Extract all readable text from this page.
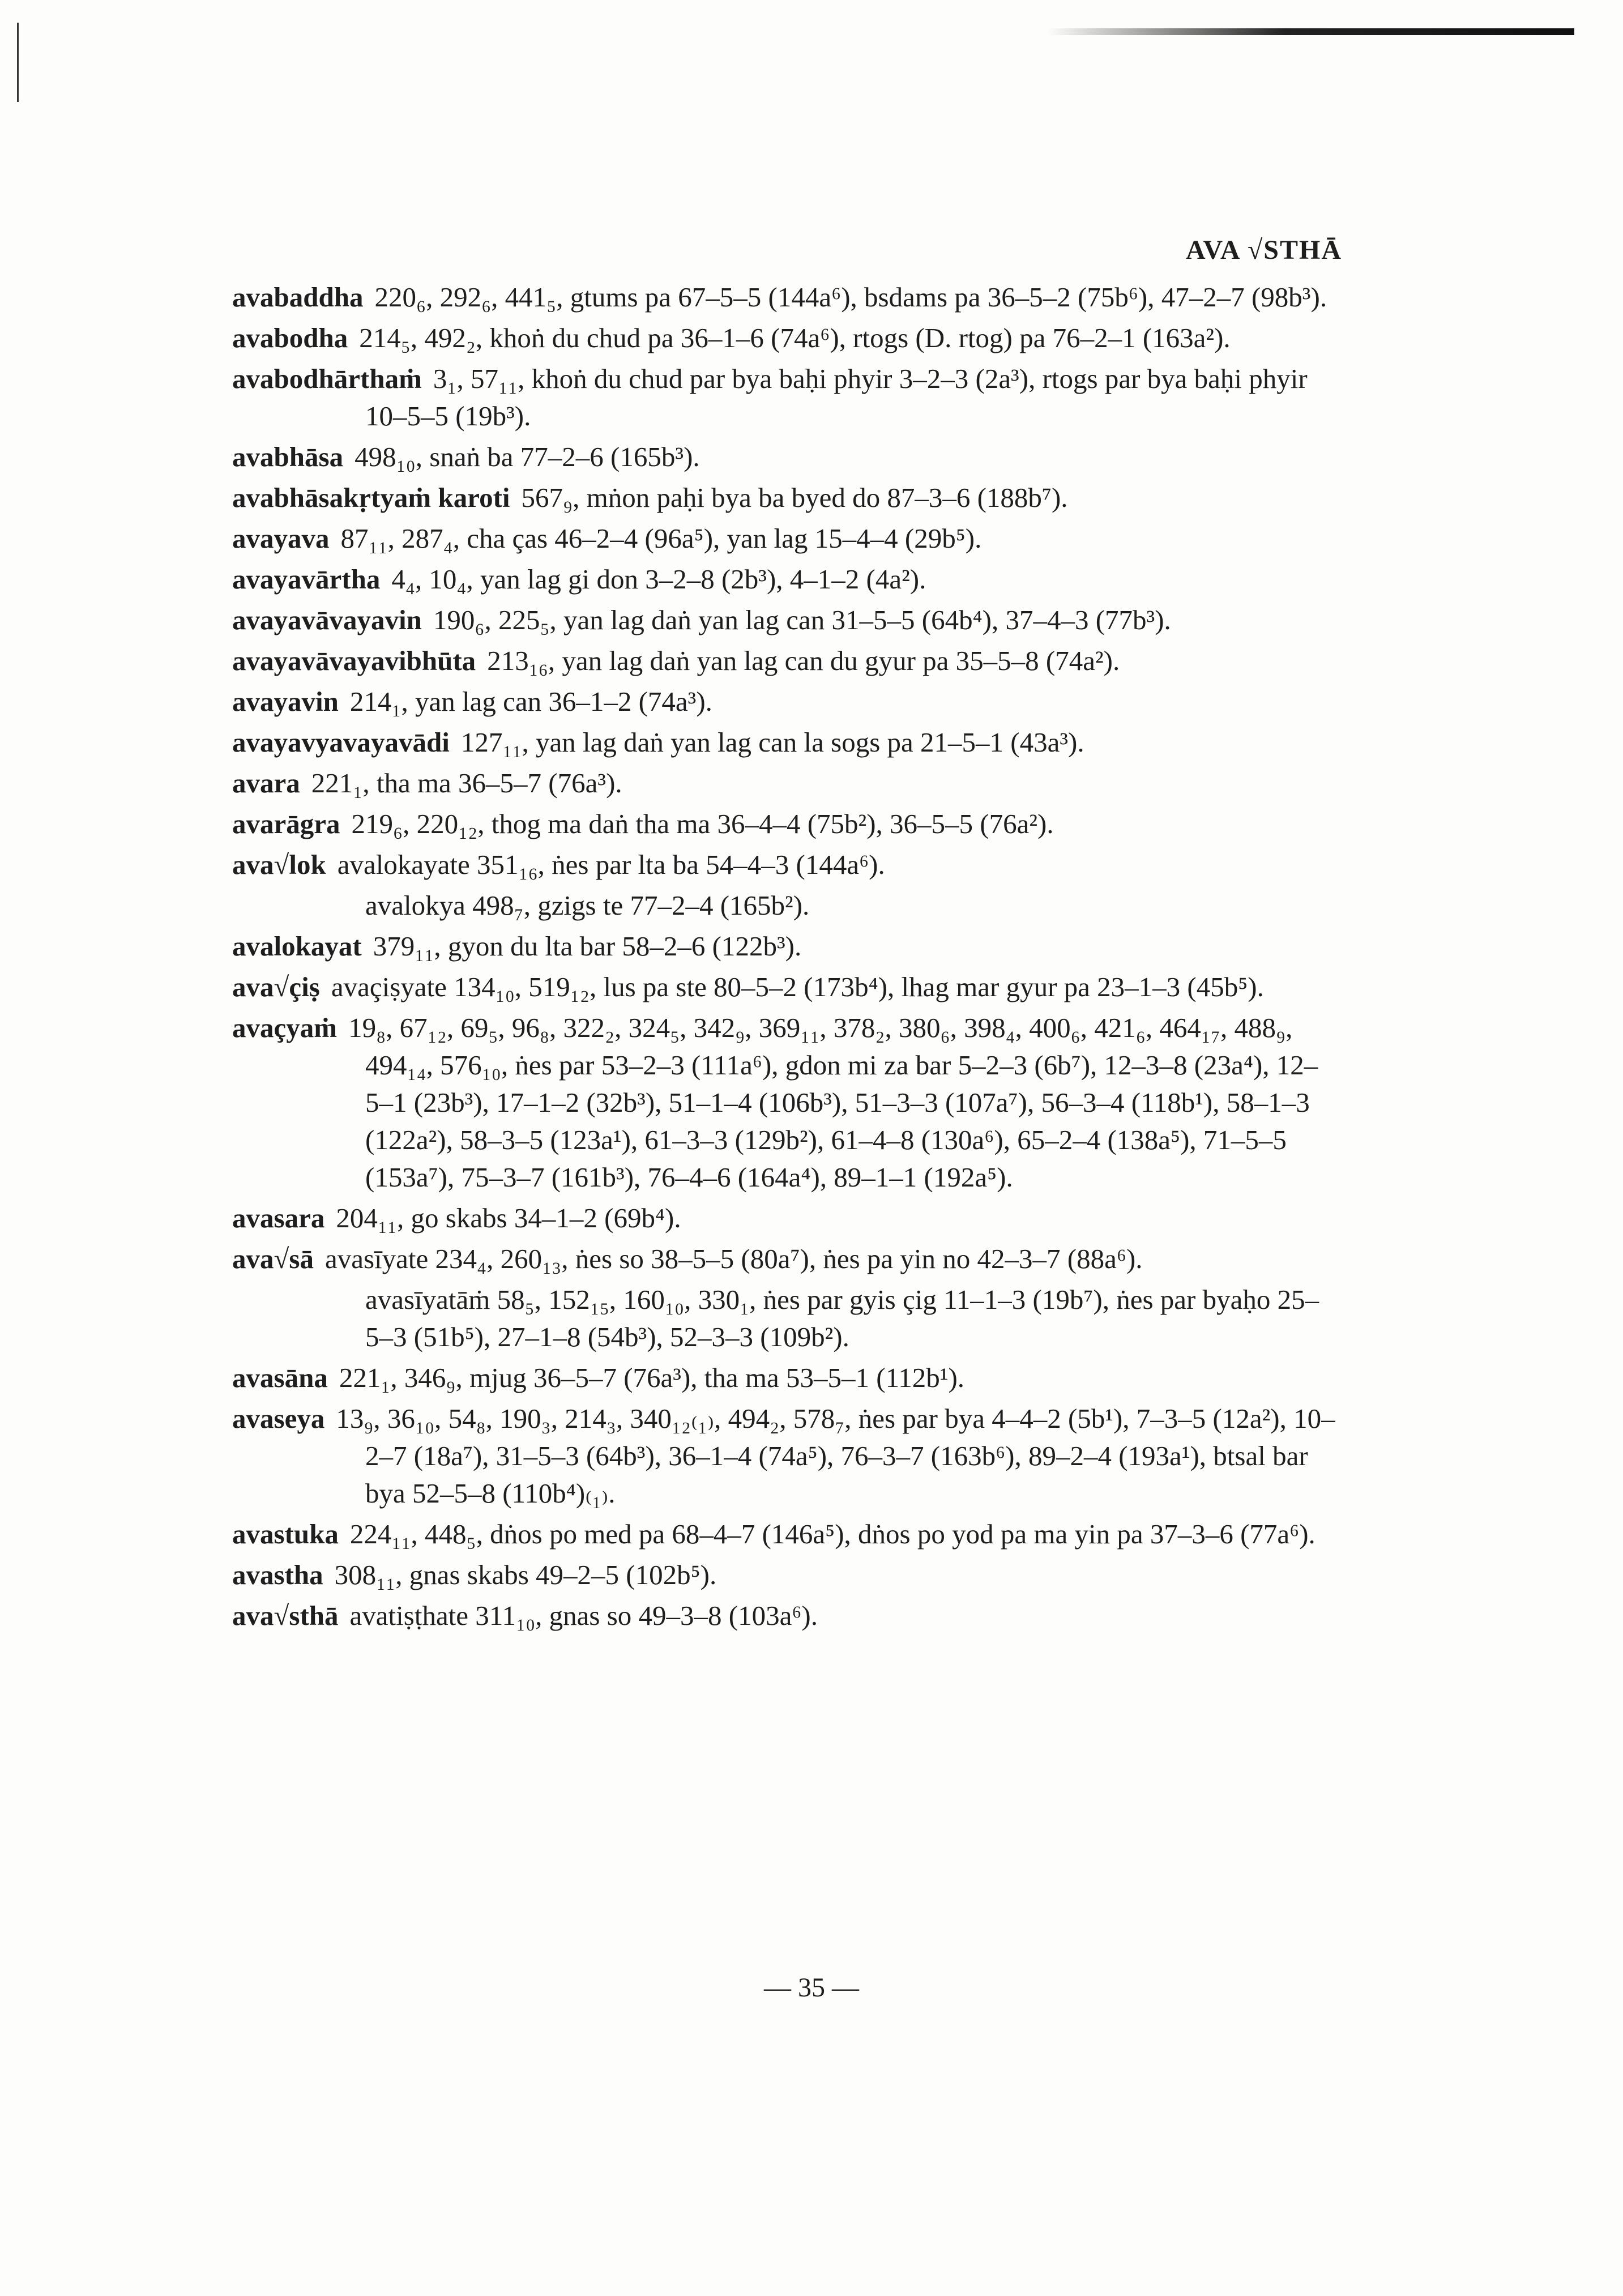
AVA √STHĀ
avabaddha 220₆, 292₆, 441₅, gtums pa 67–5–5 (144a⁶), bsdams pa 36–5–2 (75b⁶), 47–2–7 (98b³).
avabodha 214₅, 492₂, khoṅ du chud pa 36–1–6 (74a⁶), rtogs (D. rtog) pa 76–2–1 (163a²).
avabodhārthaṁ 3₁, 57₁₁, khoṅ du chud par bya baḥi phyir 3–2–3 (2a³), rtogs par bya baḥi phyir 10–5–5 (19b³).
avabhāsa 498₁₀, snaṅ ba 77–2–6 (165b³).
avabhāsakṛtyaṁ karoti 567₉, mṅon paḥi bya ba byed do 87–3–6 (188b⁷).
avayava 87₁₁, 287₄, cha ças 46–2–4 (96a⁵), yan lag 15–4–4 (29b⁵).
avayavārtha 4₄, 10₄, yan lag gi don 3–2–8 (2b³), 4–1–2 (4a²).
avayavāvayavin 190₆, 225₅, yan lag daṅ yan lag can 31–5–5 (64b⁴), 37–4–3 (77b³).
avayavāvayavibhūta 213₁₆, yan lag daṅ yan lag can du gyur pa 35–5–8 (74a²).
avayavin 214₁, yan lag can 36–1–2 (74a³).
avayavyavayavādi 127₁₁, yan lag daṅ yan lag can la sogs pa 21–5–1 (43a³).
avara 221₁, tha ma 36–5–7 (76a³).
avarāgra 219₆, 220₁₂, thog ma daṅ tha ma 36–4–4 (75b²), 36–5–5 (76a²).
ava√lok avalokayate 351₁₆, ṅes par lta ba 54–4–3 (144a⁶).
avalokya 498₇, gzigs te 77–2–4 (165b²).
avalokayat 379₁₁, gyon du lta bar 58–2–6 (122b³).
ava√çiṣ avaçiṣyate 134₁₀, 519₁₂, lus pa ste 80–5–2 (173b⁴), lhag mar gyur pa 23–1–3 (45b⁵).
avaçyaṁ 19₈, 67₁₂, 69₅, 96₈, 322₂, 324₅, 342₉, 369₁₁, 378₂, 380₆, 398₄, 400₆, 421₆, 464₁₇, 488₉, 494₁₄, 576₁₀, ṅes par 53–2–3 (111a⁶), gdon mi za bar 5–2–3 (6b⁷), 12–3–8 (23a⁴), 12–5–1 (23b³), 17–1–2 (32b³), 51–1–4 (106b³), 51–3–3 (107a⁷), 56–3–4 (118b¹), 58–1–3 (122a²), 58–3–5 (123a¹), 61–3–3 (129b²), 61–4–8 (130a⁶), 65–2–4 (138a⁵), 71–5–5 (153a⁷), 75–3–7 (161b³), 76–4–6 (164a⁴), 89–1–1 (192a⁵).
avasara 204₁₁, go skabs 34–1–2 (69b⁴).
ava√sā avasīyate 234₄, 260₁₃, ṅes so 38–5–5 (80a⁷), ṅes pa yin no 42–3–7 (88a⁶).
avasīyatāṁ 58₅, 152₁₅, 160₁₀, 330₁, ṅes par gyis çig 11–1–3 (19b⁷), ṅes par byaḥo 25–5–3 (51b⁵), 27–1–8 (54b³), 52–3–3 (109b²).
avasāna 221₁, 346₉, mjug 36–5–7 (76a³), tha ma 53–5–1 (112b¹).
avaseya 13₉, 36₁₀, 54₈, 190₃, 214₃, 340₁₂₍₁₎, 494₂, 578₇, ṅes par bya 4–4–2 (5b¹), 7–3–5 (12a²), 10–2–7 (18a⁷), 31–5–3 (64b³), 36–1–4 (74a⁵), 76–3–7 (163b⁶), 89–2–4 (193a¹), btsal bar bya 52–5–8 (110b⁴)₍₁₎.
avastuka 224₁₁, 448₅, dṅos po med pa 68–4–7 (146a⁵), dṅos po yod pa ma yin pa 37–3–6 (77a⁶).
avastha 308₁₁, gnas skabs 49–2–5 (102b⁵).
ava√sthā avatiṣṭhate 311₁₀, gnas so 49–3–8 (103a⁶).
— 35 —
